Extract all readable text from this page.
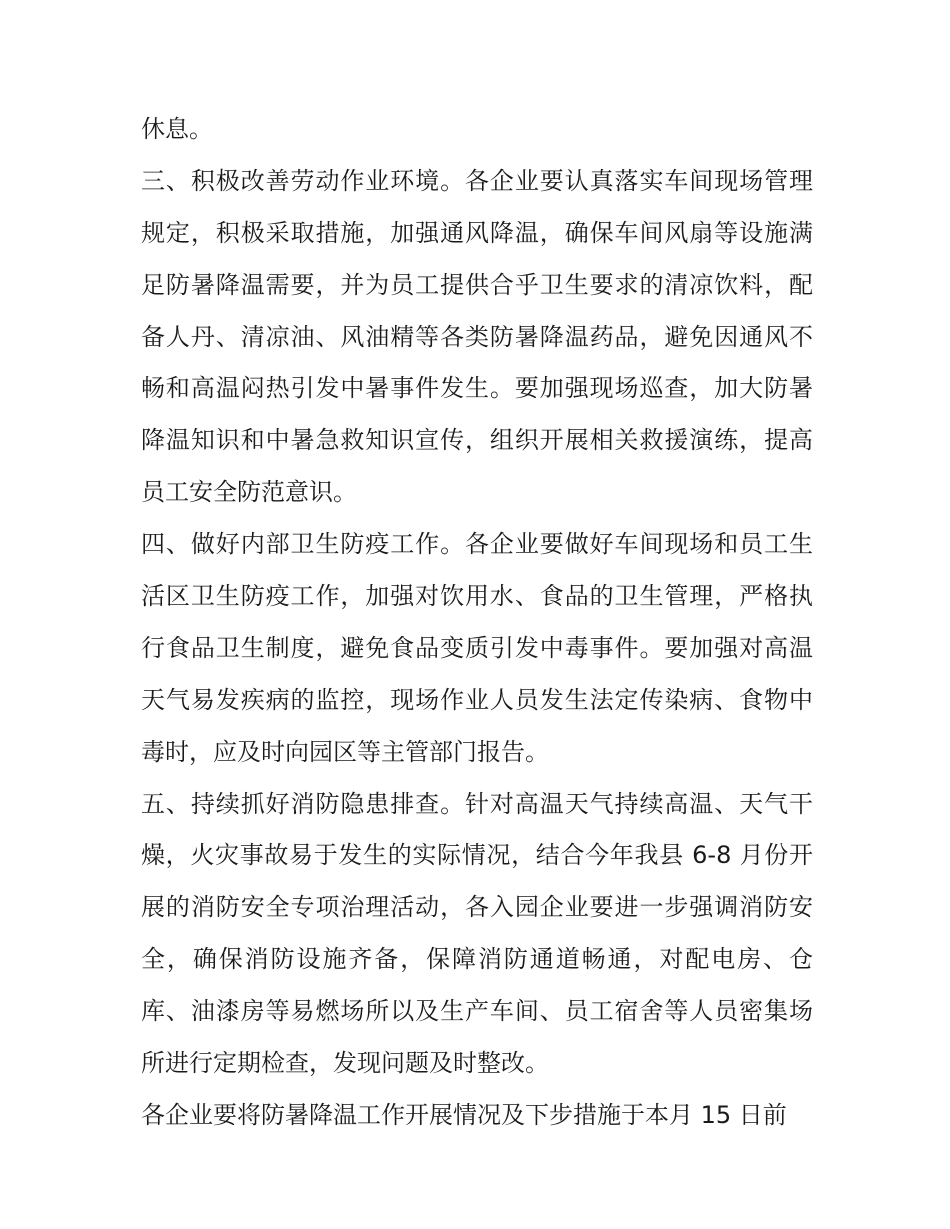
休息。
三、积极改善劳动作业环境。各企业要认真落实车间现场管理
规定，积极采取措施，加强通风降温，确保车间风扇等设施满
足防暑降温需要，并为员工提供合乎卫生要求的清凉饮料，配
备人丹、清凉油、风油精等各类防暑降温药品，避免因通风不
畅和高温闷热引发中暑事件发生。要加强现场巡查，加大防暑
降温知识和中暑急救知识宣传，组织开展相关救援演练，提高
员工安全防范意识。
四、做好内部卫生防疫工作。各企业要做好车间现场和员工生
活区卫生防疫工作，加强对饮用水、食品的卫生管理，严格执
行食品卫生制度，避免食品变质引发中毒事件。要加强对高温
天气易发疾病的监控，现场作业人员发生法定传染病、食物中
毒时，应及时向园区等主管部门报告。
五、持续抓好消防隐患排查。针对高温天气持续高温、天气干
燥，火灾事故易于发生的实际情况，结合今年我县 6-8 月份开
展的消防安全专项治理活动，各入园企业要进一步强调消防安
全，确保消防设施齐备，保障消防通道畅通，对配电房、仓
库、油漆房等易燃场所以及生产车间、员工宿舍等人员密集场
所进行定期检查，发现问题及时整改。
各企业要将防暑降温工作开展情况及下步措施于本月 15 日前
